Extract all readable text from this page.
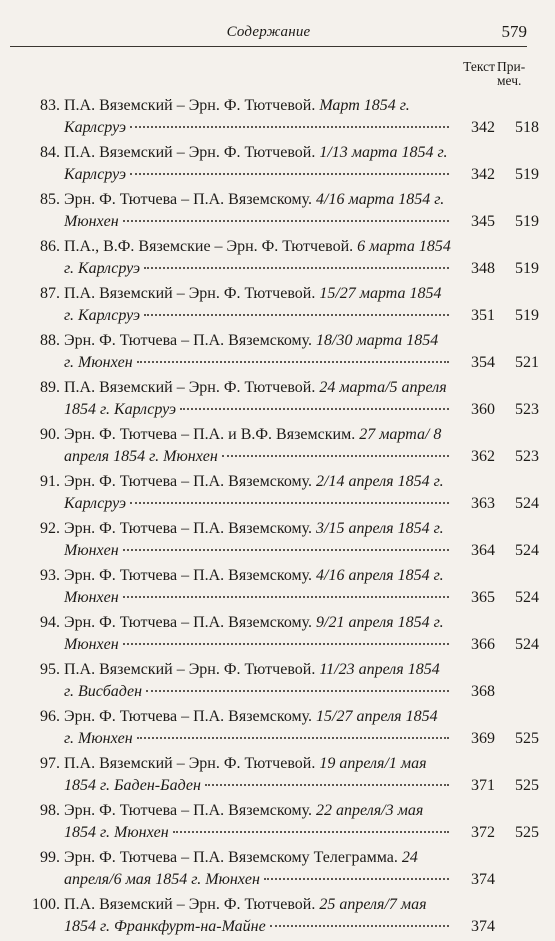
Содержание	579
Текст При-
меч.
83. П.А. Вяземский – Эрн. Ф. Тютчевой. Март 1854 г. Карлсруэ	342 518
84. П.А. Вяземский – Эрн. Ф. Тютчевой. 1/13 марта 1854 г. Карлсруэ	342 519
85. Эрн. Ф. Тютчева – П.А. Вяземскому. 4/16 марта 1854 г. Мюнхен	345 519
86. П.А., В.Ф. Вяземские – Эрн. Ф. Тютчевой. 6 марта 1854 г. Карлсруэ	348 519
87. П.А. Вяземский – Эрн. Ф. Тютчевой. 15/27 марта 1854 г. Карлсруэ	351 519
88. Эрн. Ф. Тютчева – П.А. Вяземскому. 18/30 марта 1854 г. Мюнхен	354 521
89. П.А. Вяземский – Эрн. Ф. Тютчевой. 24 марта/5 апреля 1854 г. Карлсруэ	360 523
90. Эрн. Ф. Тютчева – П.А. и В.Ф. Вяземским. 27 марта/ 8 апреля 1854 г. Мюнхен	362 523
91. Эрн. Ф. Тютчева – П.А. Вяземскому. 2/14 апреля 1854 г. Карлсруэ	363 524
92. Эрн. Ф. Тютчева – П.А. Вяземскому. 3/15 апреля 1854 г. Мюнхен	364 524
93. Эрн. Ф. Тютчева – П.А. Вяземскому. 4/16 апреля 1854 г. Мюнхен	365 524
94. Эрн. Ф. Тютчева – П.А. Вяземскому. 9/21 апреля 1854 г. Мюнхен	366 524
95. П.А. Вяземский – Эрн. Ф. Тютчевой. 11/23 апреля 1854 г. Висбаден	368
96. Эрн. Ф. Тютчева – П.А. Вяземскому. 15/27 апреля 1854 г. Мюнхен	369 525
97. П.А. Вяземский – Эрн. Ф. Тютчевой. 19 апреля/1 мая 1854 г. Баден-Баден	371 525
98. Эрн. Ф. Тютчева – П.А. Вяземскому. 22 апреля/3 мая 1854 г. Мюнхен	372 525
99. Эрн. Ф. Тютчева – П.А. Вяземскому Телеграмма. 24 апреля/6 мая 1854 г. Мюнхен	374
100. П.А. Вяземский – Эрн. Ф. Тютчевой. 25 апреля/7 мая 1854 г. Франкфурт-на-Майне	374
